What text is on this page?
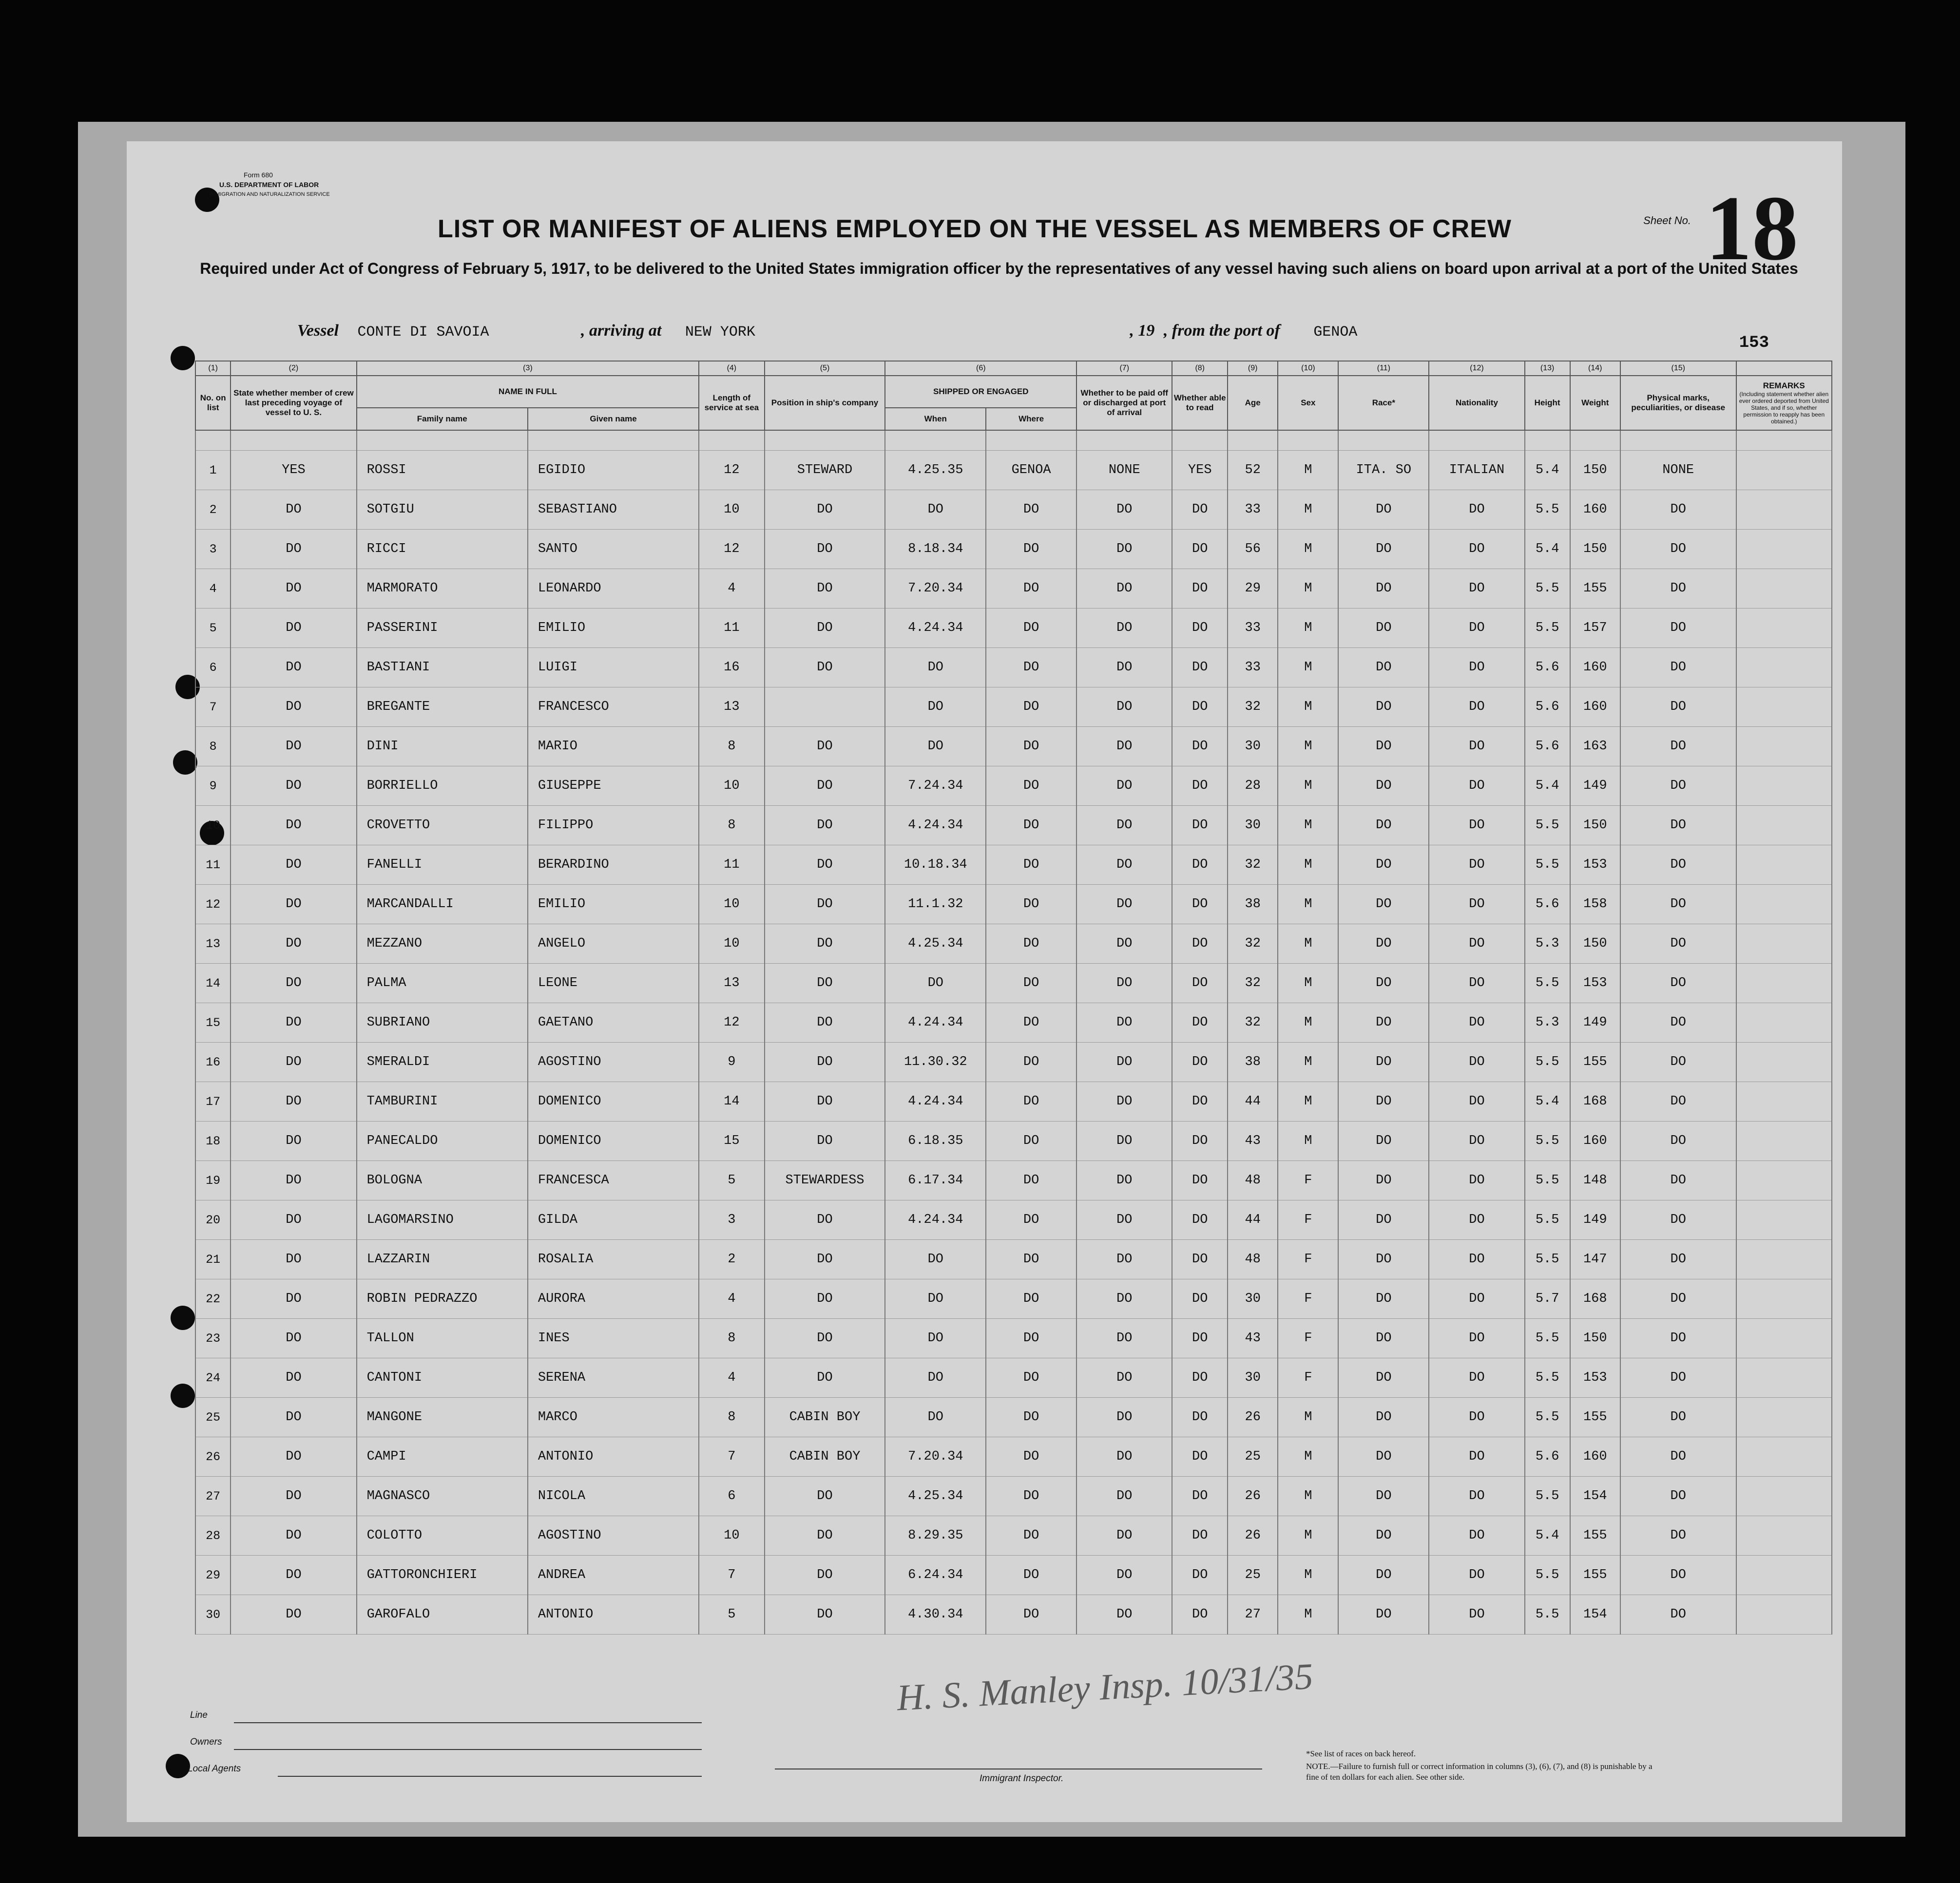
Form 680
U.S. DEPARTMENT OF LABOR
IMMIGRATION AND NATURALIZATION SERVICE
LIST OR MANIFEST OF ALIENS EMPLOYED ON THE VESSEL AS MEMBERS OF CREW
Required under Act of Congress of February 5, 1917, to be delivered to the United States immigration officer by the representatives of any vessel having such aliens on board upon arrival at a port of the United States
Sheet No. 18
Vessel CONTE DI SAVOIA	, arriving at NEW YORK	, 19 , from the port of GENOA
153
(1)	(2)	(3)		(4)	(5)	(6)		(7)	(8)	(9)	(10)	(11)	(12)	(13)	(14)	(15)	
No. on list	State whether member of crew last preceding voyage of vessel to U. S.	NAME IN FULL		Length of service at sea	Position in ship's company	SHIPPED OR ENGAGED		Whether to be paid off or discharged at port of arrival	Whether able to read	Age	Sex	Race*	Nationality	Height	Weight	Physical marks, peculiarities, or disease	REMARKS
(Including statement whether alien ever ordered deported from United States, and if so, whether permission to reapply has been obtained.)

		Family name	Given name			When	Where										

1	YES	ROSSI	EGIDIO	12	STEWARD	4.25.35	GENOA	NONE	YES	52	M	ITA. SO	ITALIAN	5.4	150	NONE	
2	DO	SOTGIU	SEBASTIANO	10	DO	DO	DO	DO	DO	33	M	DO	DO	5.5	160	DO	
3	DO	RICCI	SANTO	12	DO	8.18.34	DO	DO	DO	56	M	DO	DO	5.4	150	DO	
4	DO	MARMORATO	LEONARDO	4	DO	7.20.34	DO	DO	DO	29	M	DO	DO	5.5	155	DO	
5	DO	PASSERINI	EMILIO	11	DO	4.24.34	DO	DO	DO	33	M	DO	DO	5.5	157	DO	
6	DO	BASTIANI	LUIGI	16	DO	DO	DO	DO	DO	33	M	DO	DO	5.6	160	DO	
7	DO	BREGANTE	FRANCESCO	13		DO	DO	DO	DO	32	M	DO	DO	5.6	160	DO	
8	DO	DINI	MARIO	8	DO	DO	DO	DO	DO	30	M	DO	DO	5.6	163	DO	
9	DO	BORRIELLO	GIUSEPPE	10	DO	7.24.34	DO	DO	DO	28	M	DO	DO	5.4	149	DO	
10	DO	CROVETTO	FILIPPO	8	DO	4.24.34	DO	DO	DO	30	M	DO	DO	5.5	150	DO	
11	DO	FANELLI	BERARDINO	11	DO	10.18.34	DO	DO	DO	32	M	DO	DO	5.5	153	DO	
12	DO	MARCANDALLI	EMILIO	10	DO	11.1.32	DO	DO	DO	38	M	DO	DO	5.6	158	DO	
13	DO	MEZZANO	ANGELO	10	DO	4.25.34	DO	DO	DO	32	M	DO	DO	5.3	150	DO	
14	DO	PALMA	LEONE	13	DO	DO	DO	DO	DO	32	M	DO	DO	5.5	153	DO	
15	DO	SUBRIANO	GAETANO	12	DO	4.24.34	DO	DO	DO	32	M	DO	DO	5.3	149	DO	
16	DO	SMERALDI	AGOSTINO	9	DO	11.30.32	DO	DO	DO	38	M	DO	DO	5.5	155	DO	
17	DO	TAMBURINI	DOMENICO	14	DO	4.24.34	DO	DO	DO	44	M	DO	DO	5.4	168	DO	
18	DO	PANECALDO	DOMENICO	15	DO	6.18.35	DO	DO	DO	43	M	DO	DO	5.5	160	DO	
19	DO	BOLOGNA	FRANCESCA	5	STEWARDESS	6.17.34	DO	DO	DO	48	F	DO	DO	5.5	148	DO	
20	DO	LAGOMARSINO	GILDA	3	DO	4.24.34	DO	DO	DO	44	F	DO	DO	5.5	149	DO	
21	DO	LAZZARIN	ROSALIA	2	DO	DO	DO	DO	DO	48	F	DO	DO	5.5	147	DO	
22	DO	ROBIN PEDRAZZO	AURORA	4	DO	DO	DO	DO	DO	30	F	DO	DO	5.7	168	DO	
23	DO	TALLON	INES	8	DO	DO	DO	DO	DO	43	F	DO	DO	5.5	150	DO	
24	DO	CANTONI	SERENA	4	DO	DO	DO	DO	DO	30	F	DO	DO	5.5	153	DO	
25	DO	MANGONE	MARCO	8	CABIN BOY	DO	DO	DO	DO	26	M	DO	DO	5.5	155	DO	
26	DO	CAMPI	ANTONIO	7	CABIN BOY	7.20.34	DO	DO	DO	25	M	DO	DO	5.6	160	DO	
27	DO	MAGNASCO	NICOLA	6	DO	4.25.34	DO	DO	DO	26	M	DO	DO	5.5	154	DO	
28	DO	COLOTTO	AGOSTINO	10	DO	8.29.35	DO	DO	DO	26	M	DO	DO	5.4	155	DO	
29	DO	GATTORONCHIERI	ANDREA	7	DO	6.24.34	DO	DO	DO	25	M	DO	DO	5.5	155	DO	
30	DO	GAROFALO	ANTONIO	5	DO	4.30.34	DO	DO	DO	27	M	DO	DO	5.5	154	DO	
Line
Owners
Local Agents
Immigrant Inspector.
H. S. Manley Insp. 10/31/35
*See list of races on back hereof.
NOTE.—Failure to furnish full or correct information in columns (3), (6), (7), and (8) is punishable by a fine of ten dollars for each alien. See other side.
